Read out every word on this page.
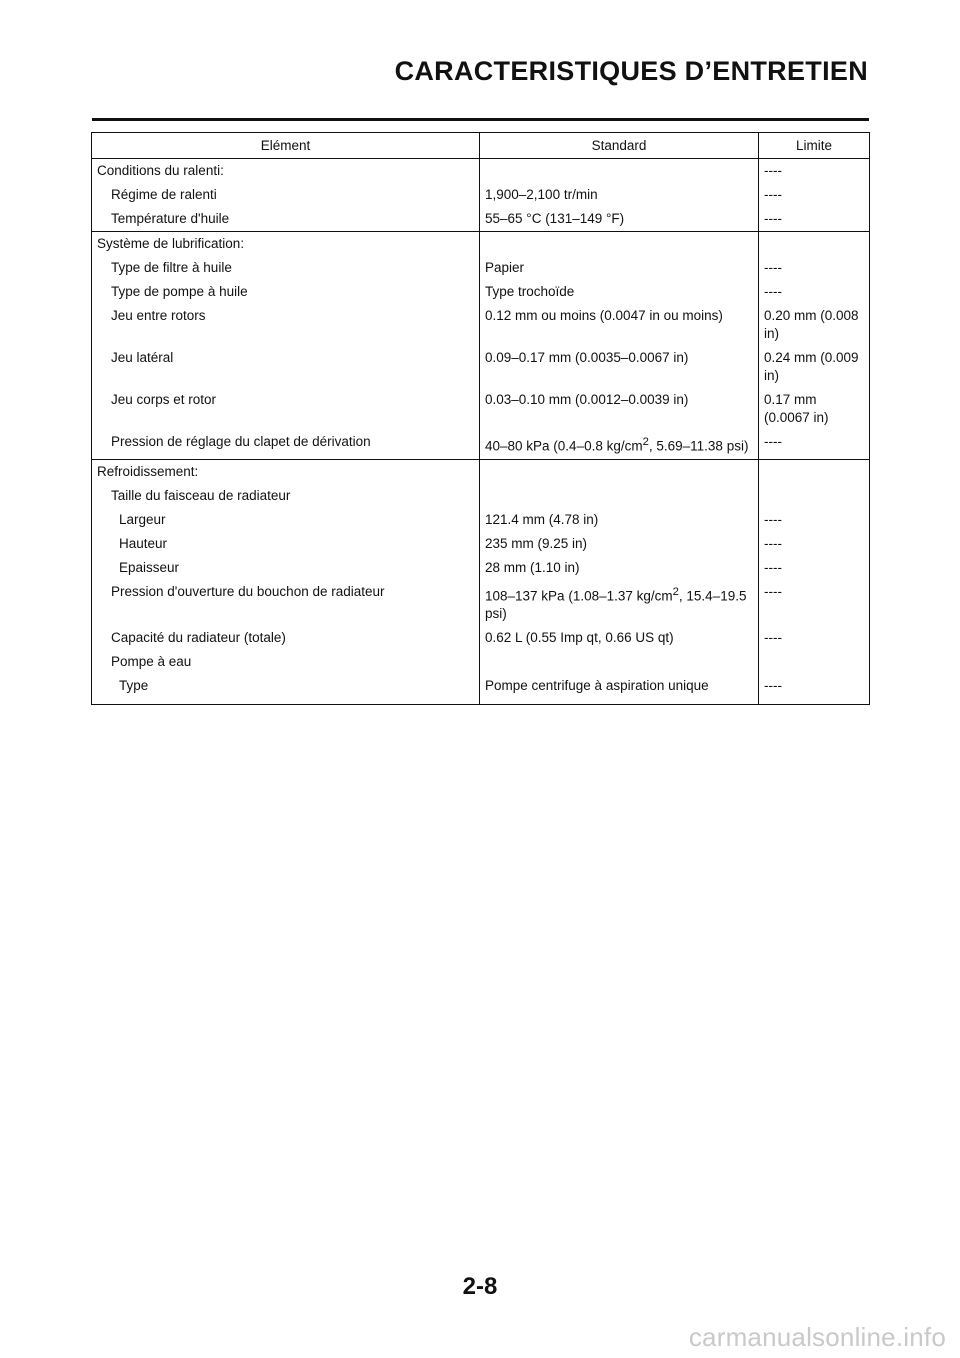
CARACTERISTIQUES D’ENTRETIEN
Elément	Standard	Limite
Conditions du ralenti:		----
Régime de ralenti	1,900–2,100 tr/min	----
Température d'huile	55–65 °C (131–149 °F)	----
Système de lubrification:		
Type de filtre à huile	Papier	----
Type de pompe à huile	Type trochoïde	----
Jeu entre rotors	0.12 mm ou moins (0.0047 in ou moins)	0.20 mm (0.008 in)
Jeu latéral	0.09–0.17 mm (0.0035–0.0067 in)	0.24 mm (0.009 in)
Jeu corps et rotor	0.03–0.10 mm (0.0012–0.0039 in)	0.17 mm (0.0067 in)
Pression de réglage du clapet de dérivation	40–80 kPa (0.4–0.8 $kg/cm^2$, 5.69–11.38 psi)	----
Refroidissement:		
Taille du faisceau de radiateur		
Largeur	121.4 mm (4.78 in)	----
Hauteur	235 mm (9.25 in)	----
Epaisseur	28 mm (1.10 in)	----
Pression d'ouverture du bouchon de radiateur	108–137 kPa (1.08–1.37 $kg/cm^2$, 15.4–19.5 psi)	----
Capacité du radiateur (totale)	0.62 L (0.55 Imp qt, 0.66 US qt)	----
Pompe à eau		
Type	Pompe centrifuge à aspiration unique	----
2-8
carmanualsonline.info
